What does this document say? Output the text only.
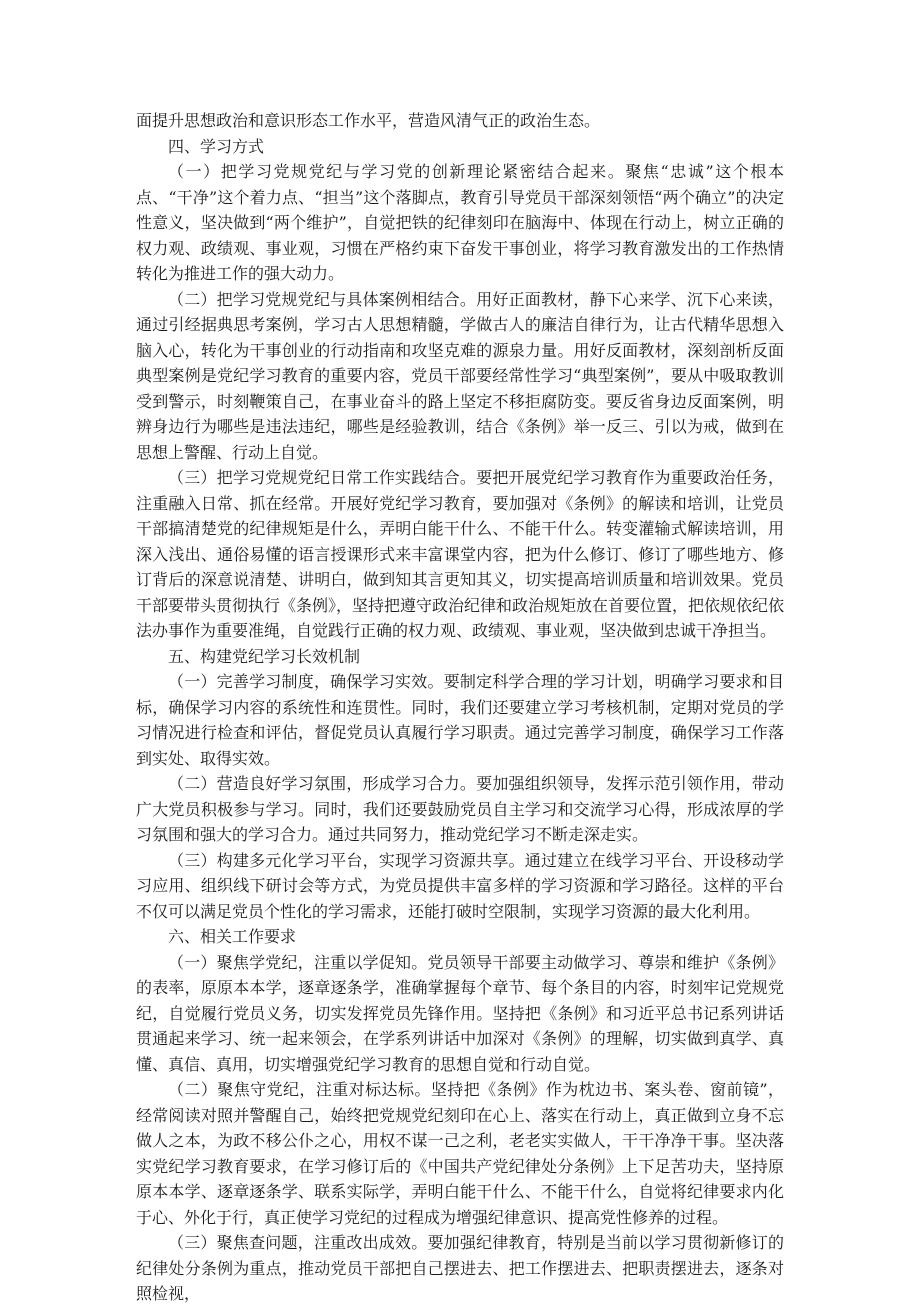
面提升思想政治和意识形态工作水平，营造风清气正的政治生态。

四、学习方式

（一）把学习党规党纪与学习党的创新理论紧密结合起来。聚焦“忠诚”这个根本点、“干净”这个着力点、“担当”这个落脚点，教育引导党员干部深刻领悟“两个确立”的决定性意义，坚决做到“两个维护”，自觉把铁的纪律刻印在脑海中、体现在行动上，树立正确的权力观、政绩观、事业观，习惯在严格约束下奋发干事创业，将学习教育激发出的工作热情转化为推进工作的强大动力。

（二）把学习党规党纪与具体案例相结合。用好正面教材，静下心来学、沉下心来读，通过引经据典思考案例，学习古人思想精髓，学做古人的廉洁自律行为，让古代精华思想入脑入心，转化为干事创业的行动指南和攻坚克难的源泉力量。用好反面教材，深刻剖析反面典型案例是党纪学习教育的重要内容，党员干部要经常性学习“典型案例”，要从中吸取教训受到警示，时刻鞭策自己，在事业奋斗的路上坚定不移拒腐防变。要反省身边反面案例，明辨身边行为哪些是违法违纪，哪些是经验教训，结合《条例》举一反三、引以为戒，做到在思想上警醒、行动上自觉。

（三）把学习党规党纪日常工作实践结合。要把开展党纪学习教育作为重要政治任务，注重融入日常、抓在经常。开展好党纪学习教育，要加强对《条例》的解读和培训，让党员干部搞清楚党的纪律规矩是什么，弄明白能干什么、不能干什么。转变灌输式解读培训，用深入浅出、通俗易懂的语言授课形式来丰富课堂内容，把为什么修订、修订了哪些地方、修订背后的深意说清楚、讲明白，做到知其言更知其义，切实提高培训质量和培训效果。党员干部要带头贯彻执行《条例》，坚持把遵守政治纪律和政治规矩放在首要位置，把依规依纪依法办事作为重要准绳，自觉践行正确的权力观、政绩观、事业观，坚决做到忠诚干净担当。

五、构建党纪学习长效机制

（一）完善学习制度，确保学习实效。要制定科学合理的学习计划，明确学习要求和目标，确保学习内容的系统性和连贯性。同时，我们还要建立学习考核机制，定期对党员的学习情况进行检查和评估，督促党员认真履行学习职责。通过完善学习制度，确保学习工作落到实处、取得实效。

（二）营造良好学习氛围，形成学习合力。要加强组织领导，发挥示范引领作用，带动广大党员积极参与学习。同时，我们还要鼓励党员自主学习和交流学习心得，形成浓厚的学习氛围和强大的学习合力。通过共同努力，推动党纪学习不断走深走实。

（三）构建多元化学习平台，实现学习资源共享。通过建立在线学习平台、开设移动学习应用、组织线下研讨会等方式，为党员提供丰富多样的学习资源和学习路径。这样的平台不仅可以满足党员个性化的学习需求，还能打破时空限制，实现学习资源的最大化利用。

六、相关工作要求

（一）聚焦学党纪，注重以学促知。党员领导干部要主动做学习、尊崇和维护《条例》的表率，原原本本学，逐章逐条学，准确掌握每个章节、每个条目的内容，时刻牢记党规党纪，自觉履行党员义务，切实发挥党员先锋作用。坚持把《条例》和习近平总书记系列讲话贯通起来学习、统一起来领会，在学系列讲话中加深对《条例》的理解，切实做到真学、真懂、真信、真用，切实增强党纪学习教育的思想自觉和行动自觉。

（二）聚焦守党纪，注重对标达标。坚持把《条例》作为枕边书、案头卷、窗前镜”，经常阅读对照并警醒自己，始终把党规党纪刻印在心上、落实在行动上，真正做到立身不忘做人之本，为政不移公仆之心，用权不谋一己之利，老老实实做人，干干净净干事。坚决落实党纪学习教育要求，在学习修订后的《中国共产党纪律处分条例》上下足苦功夫，坚持原原本本学、逐章逐条学、联系实际学，弄明白能干什么、不能干什么，自觉将纪律要求内化于心、外化于行，真正使学习党纪的过程成为增强纪律意识、提高党性修养的过程。

（三）聚焦查问题，注重改出成效。要加强纪律教育，特别是当前以学习贯彻新修订的纪律处分条例为重点，推动党员干部把自己摆进去、把工作摆进去、把职责摆进去，逐条对照检视，
